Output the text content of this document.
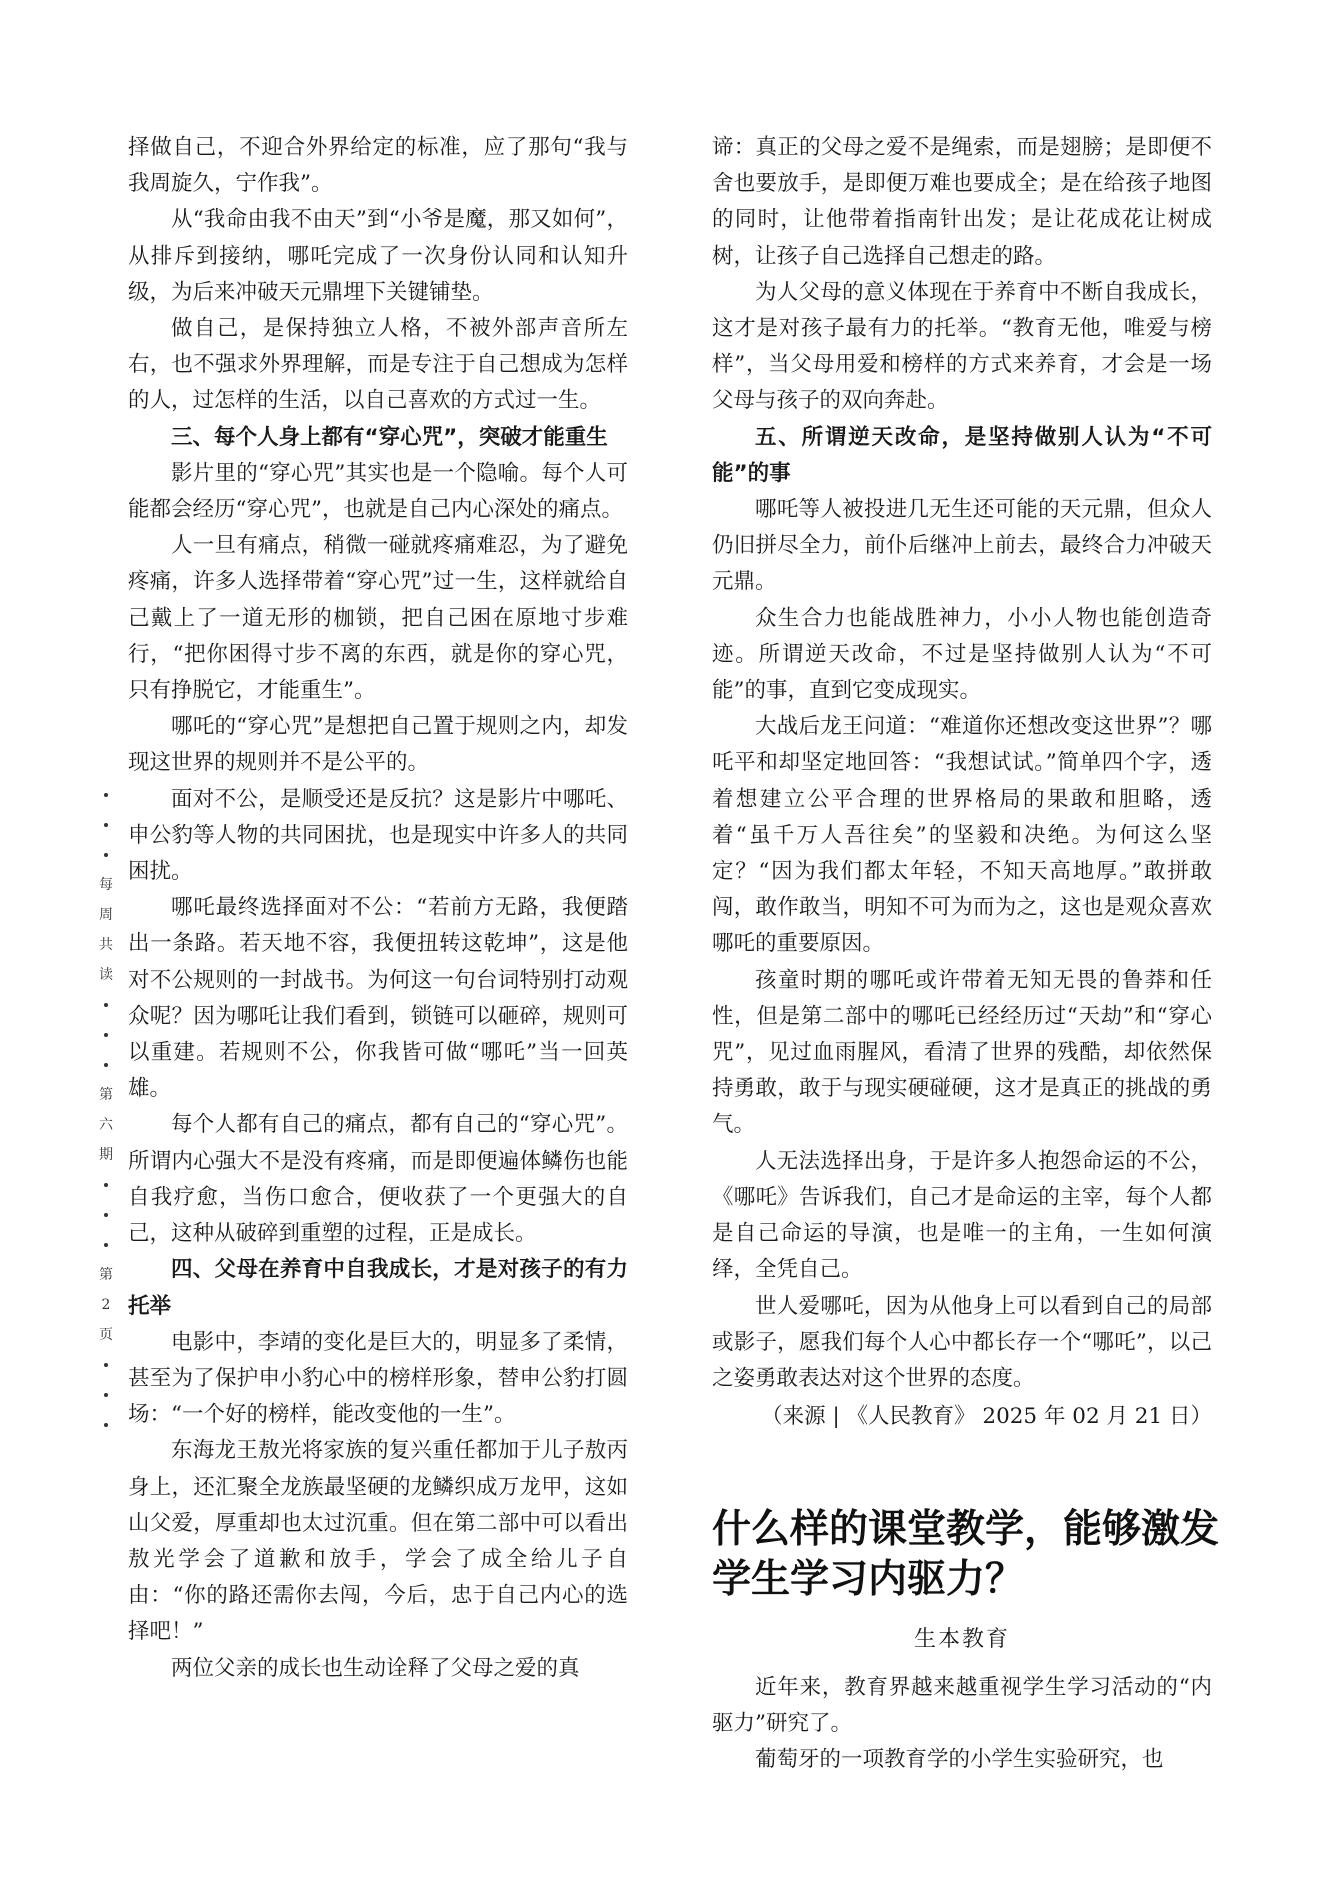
择做自己，不迎合外界给定的标准，应了那句“我与我周旋久，宁作我”。

从“我命由我不由天”到“小爷是魔，那又如何”，从排斥到接纳，哪吒完成了一次身份认同和认知升级，为后来冲破天元鼎埋下关键铺垫。

做自己，是保持独立人格，不被外部声音所左右，也不强求外界理解，而是专注于自己想成为怎样的人，过怎样的生活，以自己喜欢的方式过一生。

三、每个人身上都有“穿心咒”，突破才能重生

影片里的“穿心咒”其实也是一个隐喻。每个人可能都会经历“穿心咒”，也就是自己内心深处的痛点。

人一旦有痛点，稍微一碰就疼痛难忍，为了避免疼痛，许多人选择带着“穿心咒”过一生，这样就给自己戴上了一道无形的枷锁，把自己困在原地寸步难行，“把你困得寸步不离的东西，就是你的穿心咒，只有挣脱它，才能重生”。

哪吒的“穿心咒”是想把自己置于规则之内，却发现这世界的规则并不是公平的。

面对不公，是顺受还是反抗？这是影片中哪吒、申公豹等人物的共同困扰，也是现实中许多人的共同困扰。

哪吒最终选择面对不公：“若前方无路，我便踏出一条路。若天地不容，我便扭转这乾坤”，这是他对不公规则的一封战书。为何这一句台词特别打动观众呢？因为哪吒让我们看到，锁链可以砸碎，规则可以重建。若规则不公，你我皆可做“哪吒”当一回英雄。

每个人都有自己的痛点，都有自己的“穿心咒”。所谓内心强大不是没有疼痛，而是即便遍体鳞伤也能自我疗愈，当伤口愈合，便收获了一个更强大的自己，这种从破碎到重塑的过程，正是成长。

四、父母在养育中自我成长，才是对孩子的有力托举

电影中，李靖的变化是巨大的，明显多了柔情，甚至为了保护申小豹心中的榜样形象，替申公豹打圆场：“一个好的榜样，能改变他的一生”。

东海龙王敖光将家族的复兴重任都加于儿子敖丙身上，还汇聚全龙族最坚硬的龙鳞织成万龙甲，这如山父爱，厚重却也太过沉重。但在第二部中可以看出敖光学会了道歉和放手，学会了成全给儿子自由：“你的路还需你去闯，今后，忠于自己内心的选择吧！”

两位父亲的成长也生动诠释了父母之爱的真

谛：真正的父母之爱不是绳索，而是翅膀；是即便不舍也要放手，是即便万难也要成全；是在给孩子地图的同时，让他带着指南针出发；是让花成花让树成树，让孩子自己选择自己想走的路。

为人父母的意义体现在于养育中不断自我成长，这才是对孩子最有力的托举。“教育无他，唯爱与榜样”，当父母用爱和榜样的方式来养育，才会是一场父母与孩子的双向奔赴。

五、所谓逆天改命，是坚持做别人认为“不可能”的事

哪吒等人被投进几无生还可能的天元鼎，但众人仍旧拼尽全力，前仆后继冲上前去，最终合力冲破天元鼎。

众生合力也能战胜神力，小小人物也能创造奇迹。所谓逆天改命，不过是坚持做别人认为“不可能”的事，直到它变成现实。

大战后龙王问道：“难道你还想改变这世界”？哪吒平和却坚定地回答：“我想试试。”简单四个字，透着想建立公平合理的世界格局的果敢和胆略，透着“虽千万人吾往矣”的坚毅和决绝。为何这么坚定？“因为我们都太年轻，不知天高地厚。”敢拼敢闯，敢作敢当，明知不可为而为之，这也是观众喜欢哪吒的重要原因。

孩童时期的哪吒或许带着无知无畏的鲁莽和任性，但是第二部中的哪吒已经经历过“天劫”和“穿心咒”，见过血雨腥风，看清了世界的残酷，却依然保持勇敢，敢于与现实硬碰硬，这才是真正的挑战的勇气。

人无法选择出身，于是许多人抱怨命运的不公，《哪吒》告诉我们，自己才是命运的主宰，每个人都是自己命运的导演，也是唯一的主角，一生如何演绎，全凭自己。

世人爱哪吒，因为从他身上可以看到自己的局部或影子，愿我们每个人心中都长存一个“哪吒”，以己之姿勇敢表达对这个世界的态度。

（来源 | 《人民教育》 2025 年 02 月 21 日）

什么样的课堂教学，能够激发学生学习内驱力？
生本教育

近年来，教育界越来越重视学生学习活动的“内驱力”研究了。

葡萄牙的一项教育学的小学生实验研究，也

每
周
共
读
第
六
期
第
2
页
